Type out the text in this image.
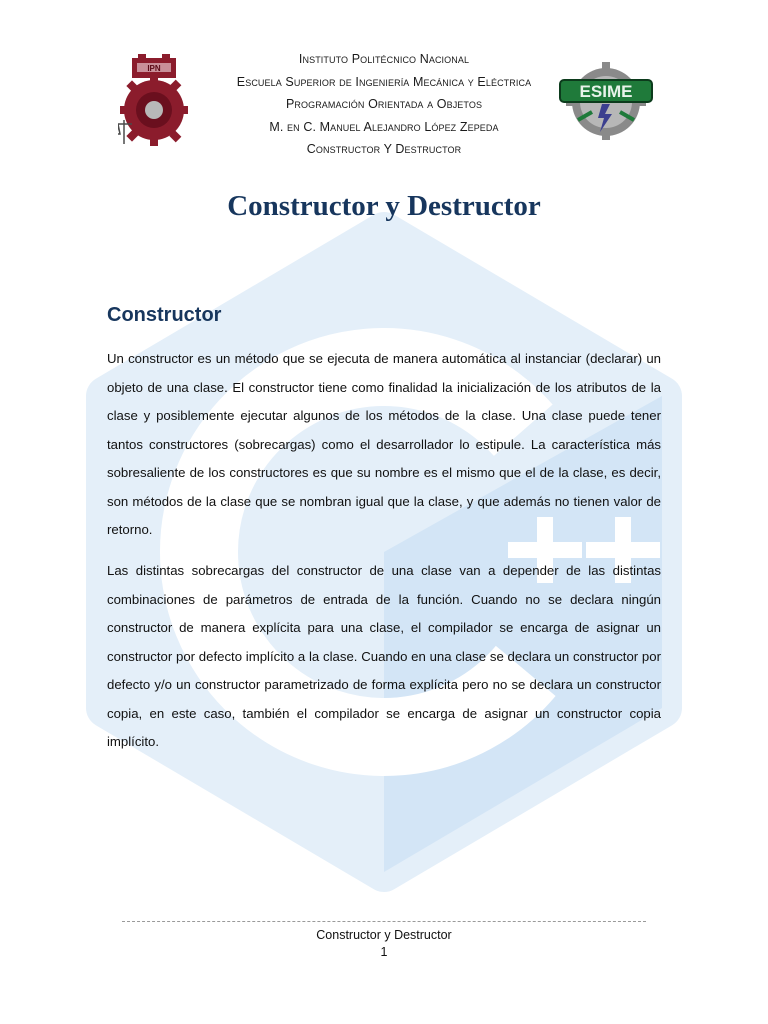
IPN
ESIME
Instituto Politécnico Nacional
Escuela Superior de Ingeniería Mecánica y Eléctrica
Programación Orientada a Objetos
M. en C. Manuel Alejandro López Zepeda
Constructor Y Destructor
Constructor y Destructor
Constructor

Un constructor es un método que se ejecuta de manera automática al instanciar (declarar) un objeto de una clase. El constructor tiene como finalidad la inicialización de los atributos de la clase y posiblemente ejecutar algunos de los métodos de la clase. Una clase puede tener tantos constructores (sobrecargas) como el desarrollador lo estipule. La característica más sobresaliente de los constructores es que su nombre es el mismo que el de la clase, es decir, son métodos de la clase que se nombran igual que la clase, y que además no tienen valor de retorno.

Las distintas sobrecargas del constructor de una clase van a depender de las distintas combinaciones de parámetros de entrada de la función. Cuando no se declara ningún constructor de manera explícita para una clase, el compilador se encarga de asignar un constructor por defecto implícito a la clase. Cuando en una clase se declara un constructor por defecto y/o un constructor parametrizado de forma explícita pero no se declara un constructor copia, en este caso, también el compilador se encarga de asignar un constructor copia implícito.

Constructor y Destructor
1
